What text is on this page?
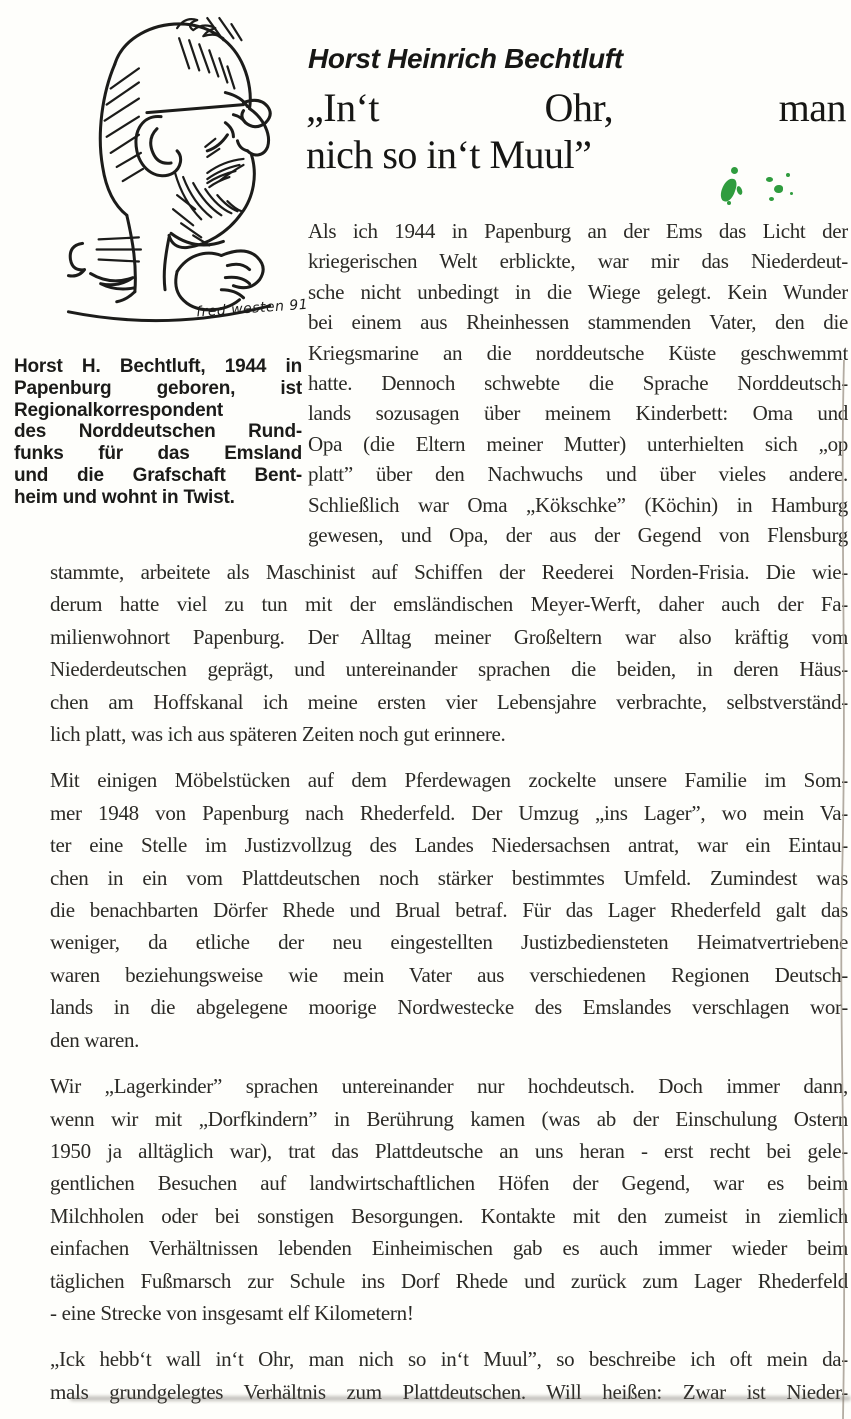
fred westen 91
Horst H. Bechtluft, 1944 in
Papenburg geboren, ist
Regionalkorrespondent
des Norddeutschen Rund-
funks für das Emsland
und die Grafschaft Bent-
heim und wohnt in Twist.
Horst Heinrich Bechtluft
„In‘t Ohr, man
nich so in‘t Muul”
Als ich 1944 in Papenburg an der Ems das Licht der
kriegerischen Welt erblickte, war mir das Niederdeut-
sche nicht unbedingt in die Wiege gelegt. Kein Wunder
bei einem aus Rheinhessen stammenden Vater, den die
Kriegsmarine an die norddeutsche Küste geschwemmt
hatte. Dennoch schwebte die Sprache Norddeutsch-
lands sozusagen über meinem Kinderbett: Oma und
Opa (die Eltern meiner Mutter) unterhielten sich „op
platt” über den Nachwuchs und über vieles andere.
Schließlich war Oma „Kökschke” (Köchin) in Hamburg
gewesen, und Opa, der aus der Gegend von Flensburg
stammte, arbeitete als Maschinist auf Schiffen der Reederei Norden-Frisia. Die wie-
derum hatte viel zu tun mit der emsländischen Meyer-Werft, daher auch der Fa-
milienwohnort Papenburg. Der Alltag meiner Großeltern war also kräftig vom
Niederdeutschen geprägt, und untereinander sprachen die beiden, in deren Häus-
chen am Hoffskanal ich meine ersten vier Lebensjahre verbrachte, selbstverständ-
lich platt, was ich aus späteren Zeiten noch gut erinnere.
Mit einigen Möbelstücken auf dem Pferdewagen zockelte unsere Familie im Som-
mer 1948 von Papenburg nach Rhederfeld. Der Umzug „ins Lager”, wo mein Va-
ter eine Stelle im Justizvollzug des Landes Niedersachsen antrat, war ein Eintau-
chen in ein vom Plattdeutschen noch stärker bestimmtes Umfeld. Zumindest was
die benachbarten Dörfer Rhede und Brual betraf. Für das Lager Rhederfeld galt das
weniger, da etliche der neu eingestellten Justizbediensteten Heimatvertriebene
waren beziehungsweise wie mein Vater aus verschiedenen Regionen Deutsch-
lands in die abgelegene moorige Nordwestecke des Emslandes verschlagen wor-
den waren.
Wir „Lagerkinder” sprachen untereinander nur hochdeutsch. Doch immer dann,
wenn wir mit „Dorfkindern” in Berührung kamen (was ab der Einschulung Ostern
1950 ja alltäglich war), trat das Plattdeutsche an uns heran - erst recht bei gele-
gentlichen Besuchen auf landwirtschaftlichen Höfen der Gegend, war es beim
Milchholen oder bei sonstigen Besorgungen. Kontakte mit den zumeist in ziemlich
einfachen Verhältnissen lebenden Einheimischen gab es auch immer wieder beim
täglichen Fußmarsch zur Schule ins Dorf Rhede und zurück zum Lager Rhederfeld
- eine Strecke von insgesamt elf Kilometern!
„Ick hebb‘t wall in‘t Ohr, man nich so in‘t Muul”, so beschreibe ich oft mein da-
mals grundgelegtes Verhältnis zum Plattdeutschen. Will heißen: Zwar ist Nieder-
